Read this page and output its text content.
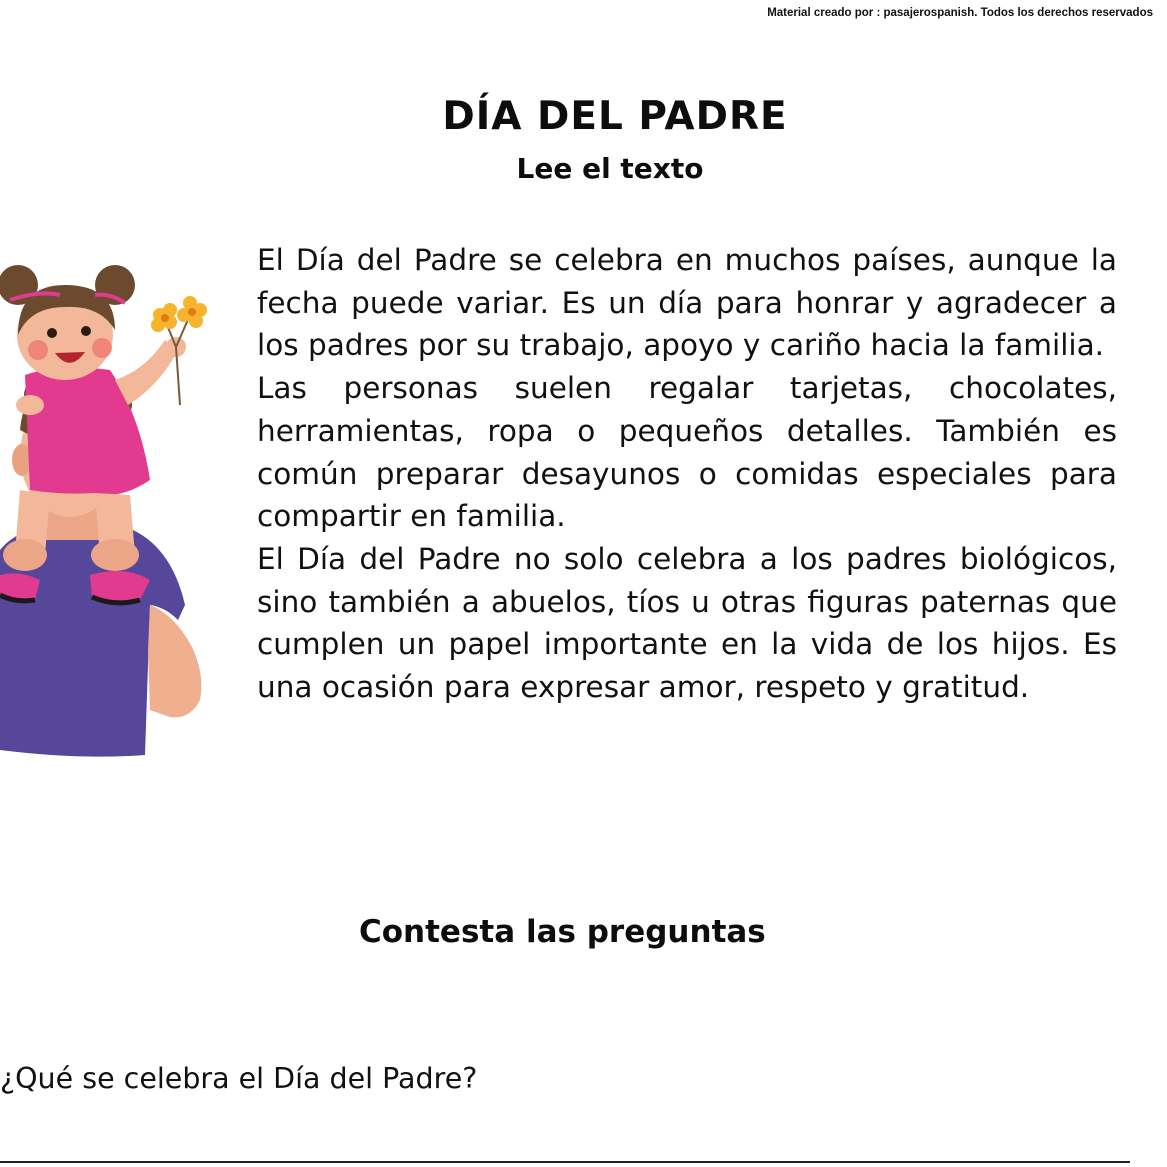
Material creado por : pasajerospanish. Todos los derechos reservados
DÍA DEL PADRE
Lee el texto

El Día del Padre se celebra en muchos países, aunque la fecha puede variar. Es un día para honrar y agradecer a los padres por su trabajo, apoyo y cariño hacia la familia.

Las personas suelen regalar tarjetas, chocolates, herramientas, ropa o pequeños detalles. También es común preparar desayunos o comidas especiales para compartir en familia.

El Día del Padre no solo celebra a los padres biológicos, sino también a abuelos, tíos u otras figuras paternas que cumplen un papel importante en la vida de los hijos. Es una ocasión para expresar amor, respeto y gratitud.

Contesta las preguntas
¿Qué se celebra el Día del Padre?
